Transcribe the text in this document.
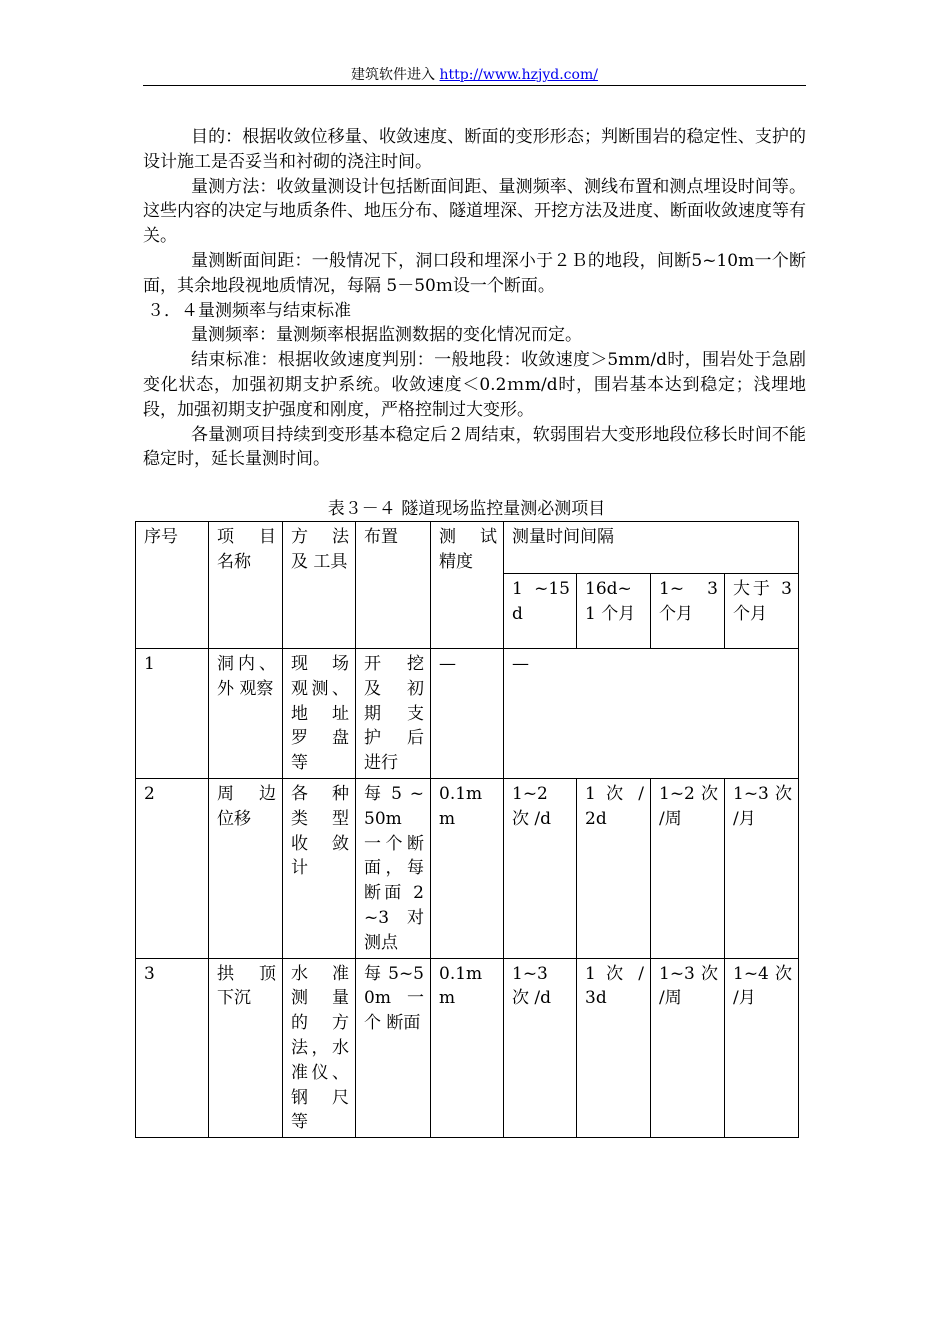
建筑软件进入 http://www.hzjyd.com/

目的：根据收敛位移量、收敛速度、断面的变形形态；判断围岩的稳定性、支护的设计施工是否妥当和衬砌的浇注时间。

量测方法：收敛量测设计包括断面间距、量测频率、测线布置和测点埋设时间等。这些内容的决定与地质条件、地压分布、隧道埋深、开挖方法及进度、断面收敛速度等有关。

量测断面间距：一般情况下，洞口段和埋深小于２Ｂ的地段，间断5~10m一个断面，其余地段视地质情况，每隔 5－50ｍ设一个断面。

３．４量测频率与结束标准

量测频率：量测频率根据监测数据的变化情况而定。

结束标准：根据收敛速度判别：一般地段：收敛速度＞5mm/d时，围岩处于急剧变化状态，加强初期支护系统。收敛速度＜0.2ｍm/d时，围岩基本达到稳定；浅埋地段，加强初期支护强度和刚度，严格控制过大变形。

各量测项目持续到变形基本稳定后２周结束，软弱围岩大变形地段位移长时间不能稳定时，延长量测时间。

表３－４ 隧道现场监控量测必测项目
序号	项 目 名称	方 法 及 工具	布置	测 试 精度	测量时间间隔			
					1 ~15d	16d~ 1 个月	1~ 3 个月	大于 3 个月
1	洞内、外 观察	现 场 观测、地 址 罗 盘 等	开 挖 及 初 期 支 护 后 进行	—	—			
2	周 边 位移	各 种 类 型 收 敛 计	每 5 ~50m 一个断 面，每 断面 2 ~3 对 测点	0.1mm	1~2 次 /d	1 次 / 2d	1~2 次 /周	1~3 次 /月
3	拱 顶 下沉	水 准 测 量 的 方 法，水 准仪、钢 尺 等	每 5~50m 一 个 断面	0.1mm	1~3 次 /d	1 次 / 3d	1~3 次 /周	1~4 次 /月
